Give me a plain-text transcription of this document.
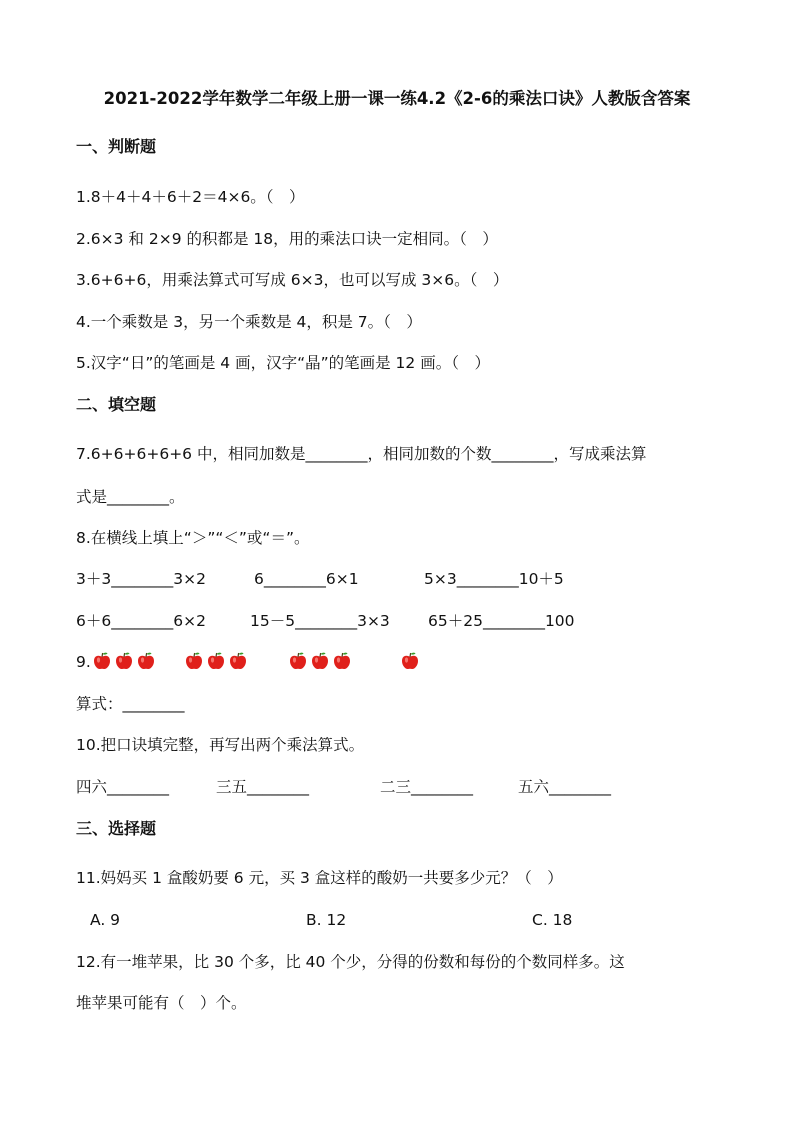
2021-2022学年数学二年级上册一课一练4.2《2-6的乘法口诀》人教版含答案
一、判断题
1.8＋4＋4＋6＋2＝4×6。（　）
2.6×3 和 2×9 的积都是 18，用的乘法口诀一定相同。（　）
3.6+6+6，用乘法算式可写成 6×3，也可以写成 3×6。（　）
4.一个乘数是 3，另一个乘数是 4，积是 7。（　）
5.汉字“日”的笔画是 4 画，汉字“晶”的笔画是 12 画。（　）
二、填空题
7.6+6+6+6+6 中，相同加数是________，相同加数的个数________，写成乘法算
式是________。
8.在横线上填上“＞”“＜”或“＝”。
3＋3________3×2	6________6×1	5×3________10＋5
6＋6________6×2	15－5________3×3 65＋25________100
9.
算式：________
10.把口诀填完整，再写出两个乘法算式。
四六________	三五________	二三________	五六________
三、选择题
11.妈妈买 1 盒酸奶要 6 元，买 3 盒这样的酸奶一共要多少元？（　）
A. 9	B. 12	C. 18
12.有一堆苹果，比 30 个多，比 40 个少，分得的份数和每份的个数同样多。这
堆苹果可能有（　）个。
